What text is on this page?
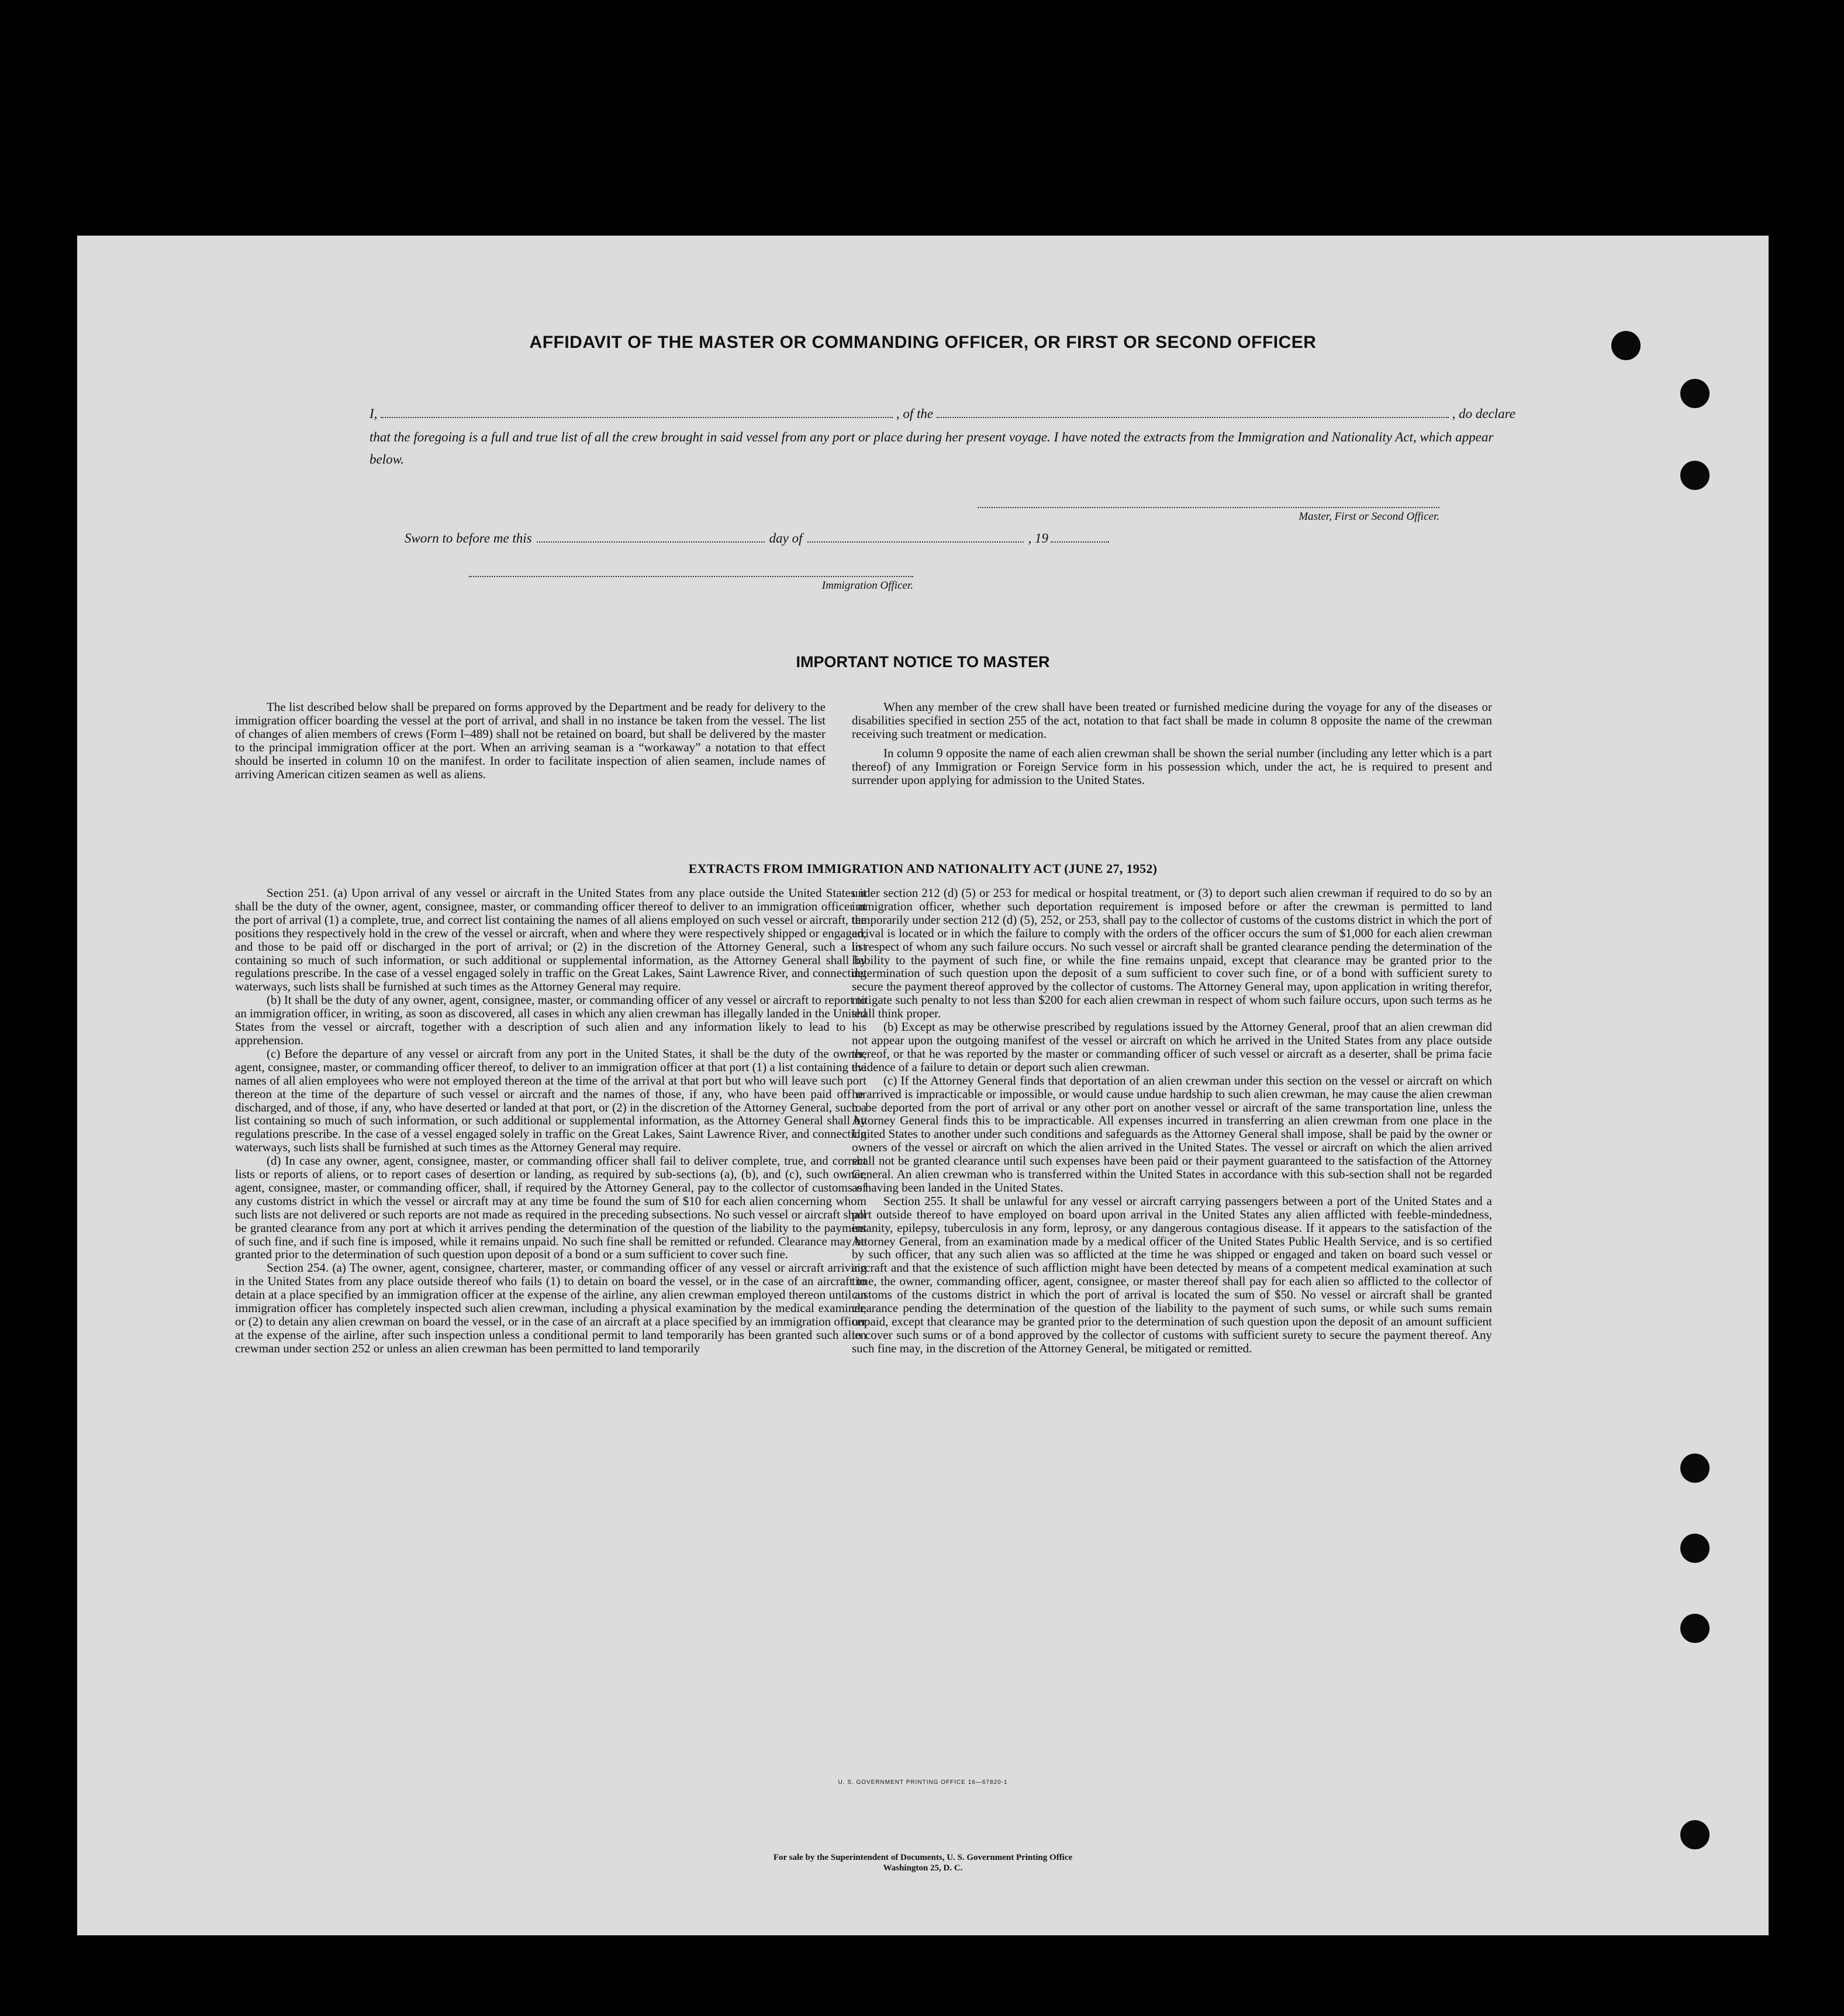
AFFIDAVIT OF THE MASTER OR COMMANDING OFFICER, OR FIRST OR SECOND OFFICER
I,	, of the	, do declare
that the foregoing is a full and true list of all the crew brought in said vessel from any port or place during her present voyage. I have noted the extracts from the Immigration and Nationality Act, which appear below.
Master, First or Second Officer.
Sworn to before me this	day of	, 19
Immigration Officer.
IMPORTANT NOTICE TO MASTER

The list described below shall be prepared on forms approved by the Department and be ready for delivery to the immigration officer boarding the vessel at the port of arrival, and shall in no instance be taken from the vessel. The list of changes of alien members of crews (Form I–489) shall not be retained on board, but shall be delivered by the master to the principal immigration officer at the port. When an arriving seaman is a “workaway” a notation to that effect should be inserted in column 10 on the manifest. In order to facilitate inspection of alien seamen, include names of arriving American citizen seamen as well as aliens.

When any member of the crew shall have been treated or furnished medicine during the voyage for any of the diseases or disabilities specified in section 255 of the act, notation to that fact shall be made in column 8 opposite the name of the crewman receiving such treatment or medication.

In column 9 opposite the name of each alien crewman shall be shown the serial number (including any letter which is a part thereof) of any Immigration or Foreign Service form in his possession which, under the act, he is required to present and surrender upon applying for admission to the United States.

EXTRACTS FROM IMMIGRATION AND NATIONALITY ACT (JUNE 27, 1952)

Section 251. (a) Upon arrival of any vessel or aircraft in the United States from any place outside the United States it shall be the duty of the owner, agent, consignee, master, or commanding officer thereof to deliver to an immigration officer at the port of arrival (1) a complete, true, and correct list containing the names of all aliens employed on such vessel or aircraft, the positions they respectively hold in the crew of the vessel or aircraft, when and where they were respectively shipped or engaged, and those to be paid off or discharged in the port of arrival; or (2) in the discretion of the Attorney General, such a list containing so much of such information, or such additional or supplemental information, as the Attorney General shall by regulations prescribe. In the case of a vessel engaged solely in traffic on the Great Lakes, Saint Lawrence River, and connecting waterways, such lists shall be furnished at such times as the Attorney General may require.

(b) It shall be the duty of any owner, agent, consignee, master, or commanding officer of any vessel or aircraft to report to an immigration officer, in writing, as soon as discovered, all cases in which any alien crewman has illegally landed in the United States from the vessel or aircraft, together with a description of such alien and any information likely to lead to his apprehension.

(c) Before the departure of any vessel or aircraft from any port in the United States, it shall be the duty of the owner, agent, consignee, master, or commanding officer thereof, to deliver to an immigration officer at that port (1) a list containing the names of all alien employees who were not employed thereon at the time of the arrival at that port but who will leave such port thereon at the time of the departure of such vessel or aircraft and the names of those, if any, who have been paid off or discharged, and of those, if any, who have deserted or landed at that port, or (2) in the discretion of the Attorney General, such a list containing so much of such information, or such additional or supplemental information, as the Attorney General shall by regulations prescribe. In the case of a vessel engaged solely in traffic on the Great Lakes, Saint Lawrence River, and connecting waterways, such lists shall be furnished at such times as the Attorney General may require.

(d) In case any owner, agent, consignee, master, or commanding officer shall fail to deliver complete, true, and correct lists or reports of aliens, or to report cases of desertion or landing, as required by sub-sections (a), (b), and (c), such owner, agent, consignee, master, or commanding officer, shall, if required by the Attorney General, pay to the collector of customs of any customs district in which the vessel or aircraft may at any time be found the sum of $10 for each alien concerning whom such lists are not delivered or such reports are not made as required in the preceding subsections. No such vessel or aircraft shall be granted clearance from any port at which it arrives pending the determination of the question of the liability to the payment of such fine, and if such fine is imposed, while it remains unpaid. No such fine shall be remitted or refunded. Clearance may be granted prior to the determination of such question upon deposit of a bond or a sum sufficient to cover such fine.

Section 254. (a) The owner, agent, consignee, charterer, master, or commanding officer of any vessel or aircraft arriving in the United States from any place outside thereof who fails (1) to detain on board the vessel, or in the case of an aircraft to detain at a place specified by an immigration officer at the expense of the airline, any alien crewman employed thereon until an immigration officer has completely inspected such alien crewman, including a physical examination by the medical examiner, or (2) to detain any alien crewman on board the vessel, or in the case of an aircraft at a place specified by an immigration officer at the expense of the airline, after such inspection unless a conditional permit to land temporarily has been granted such alien crewman under section 252 or unless an alien crewman has been permitted to land temporarily

under section 212 (d) (5) or 253 for medical or hospital treatment, or (3) to deport such alien crewman if required to do so by an immigration officer, whether such deportation requirement is imposed before or after the crewman is permitted to land temporarily under section 212 (d) (5), 252, or 253, shall pay to the collector of customs of the customs district in which the port of arrival is located or in which the failure to comply with the orders of the officer occurs the sum of $1,000 for each alien crewman in respect of whom any such failure occurs. No such vessel or aircraft shall be granted clearance pending the determination of the liability to the payment of such fine, or while the fine remains unpaid, except that clearance may be granted prior to the determination of such question upon the deposit of a sum sufficient to cover such fine, or of a bond with sufficient surety to secure the payment thereof approved by the collector of customs. The Attorney General may, upon application in writing therefor, mitigate such penalty to not less than $200 for each alien crewman in respect of whom such failure occurs, upon such terms as he shall think proper.

(b) Except as may be otherwise prescribed by regulations issued by the Attorney General, proof that an alien crewman did not appear upon the outgoing manifest of the vessel or aircraft on which he arrived in the United States from any place outside thereof, or that he was reported by the master or commanding officer of such vessel or aircraft as a deserter, shall be prima facie evidence of a failure to detain or deport such alien crewman.

(c) If the Attorney General finds that deportation of an alien crewman under this section on the vessel or aircraft on which he arrived is impracticable or impossible, or would cause undue hardship to such alien crewman, he may cause the alien crewman to be deported from the port of arrival or any other port on another vessel or aircraft of the same transportation line, unless the Attorney General finds this to be impracticable. All expenses incurred in transferring an alien crewman from one place in the United States to another under such conditions and safeguards as the Attorney General shall impose, shall be paid by the owner or owners of the vessel or aircraft on which the alien arrived in the United States. The vessel or aircraft on which the alien arrived shall not be granted clearance until such expenses have been paid or their payment guaranteed to the satisfaction of the Attorney General. An alien crewman who is transferred within the United States in accordance with this sub-section shall not be regarded as having been landed in the United States.

Section 255. It shall be unlawful for any vessel or aircraft carrying passengers between a port of the United States and a port outside thereof to have employed on board upon arrival in the United States any alien afflicted with feeble-mindedness, insanity, epilepsy, tuberculosis in any form, leprosy, or any dangerous contagious disease. If it appears to the satisfaction of the Attorney General, from an examination made by a medical officer of the United States Public Health Service, and is so certified by such officer, that any such alien was so afflicted at the time he was shipped or engaged and taken on board such vessel or aircraft and that the existence of such affliction might have been detected by means of a competent medical examination at such time, the owner, commanding officer, agent, consignee, or master thereof shall pay for each alien so afflicted to the collector of customs of the customs district in which the port of arrival is located the sum of $50. No vessel or aircraft shall be granted clearance pending the determination of the question of the liability to the payment of such sums, or while such sums remain unpaid, except that clearance may be granted prior to the determination of such question upon the deposit of an amount sufficient to cover such sums or of a bond approved by the collector of customs with sufficient surety to secure the payment thereof. Any such fine may, in the discretion of the Attorney General, be mitigated or remitted.

U. S. GOVERNMENT PRINTING OFFICE 16—67820-1
For sale by the Superintendent of Documents, U. S. Government Printing Office
Washington 25, D. C.
